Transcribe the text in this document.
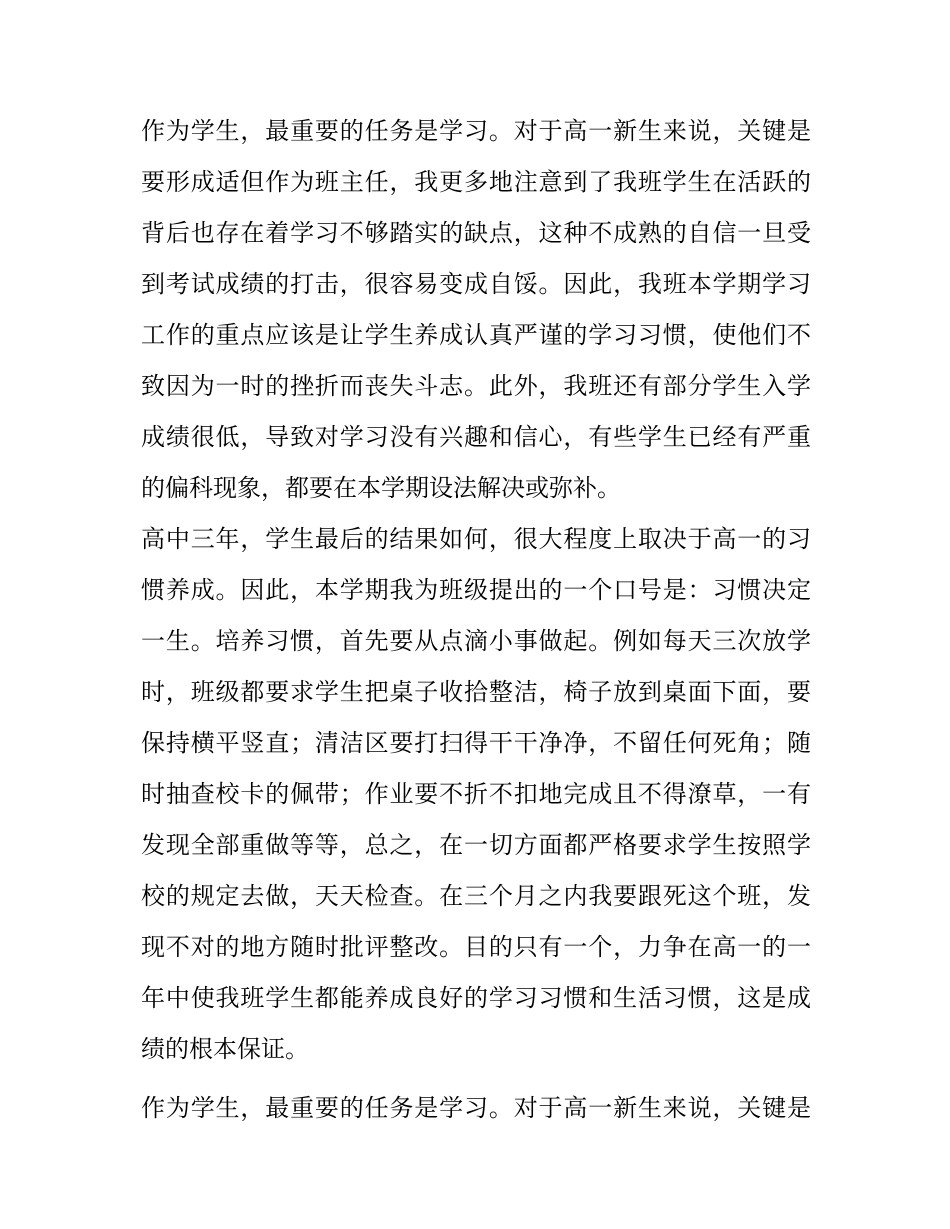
作为学生，最重要的任务是学习。对于高一新生来说，关键是
要形成适但作为班主任，我更多地注意到了我班学生在活跃的
背后也存在着学习不够踏实的缺点，这种不成熟的自信一旦受
到考试成绩的打击，很容易变成自馁。因此，我班本学期学习
工作的重点应该是让学生养成认真严谨的学习习惯，使他们不
致因为一时的挫折而丧失斗志。此外，我班还有部分学生入学
成绩很低，导致对学习没有兴趣和信心，有些学生已经有严重
的偏科现象，都要在本学期设法解决或弥补。
高中三年，学生最后的结果如何，很大程度上取决于高一的习
惯养成。因此，本学期我为班级提出的一个口号是：习惯决定
一生。培养习惯，首先要从点滴小事做起。例如每天三次放学
时，班级都要求学生把桌子收拾整洁，椅子放到桌面下面，要
保持横平竖直；清洁区要打扫得干干净净，不留任何死角；随
时抽查校卡的佩带；作业要不折不扣地完成且不得潦草，一有
发现全部重做等等，总之，在一切方面都严格要求学生按照学
校的规定去做，天天检查。在三个月之内我要跟死这个班，发
现不对的地方随时批评整改。目的只有一个，力争在高一的一
年中使我班学生都能养成良好的学习习惯和生活习惯，这是成
绩的根本保证。
作为学生，最重要的任务是学习。对于高一新生来说，关键是
